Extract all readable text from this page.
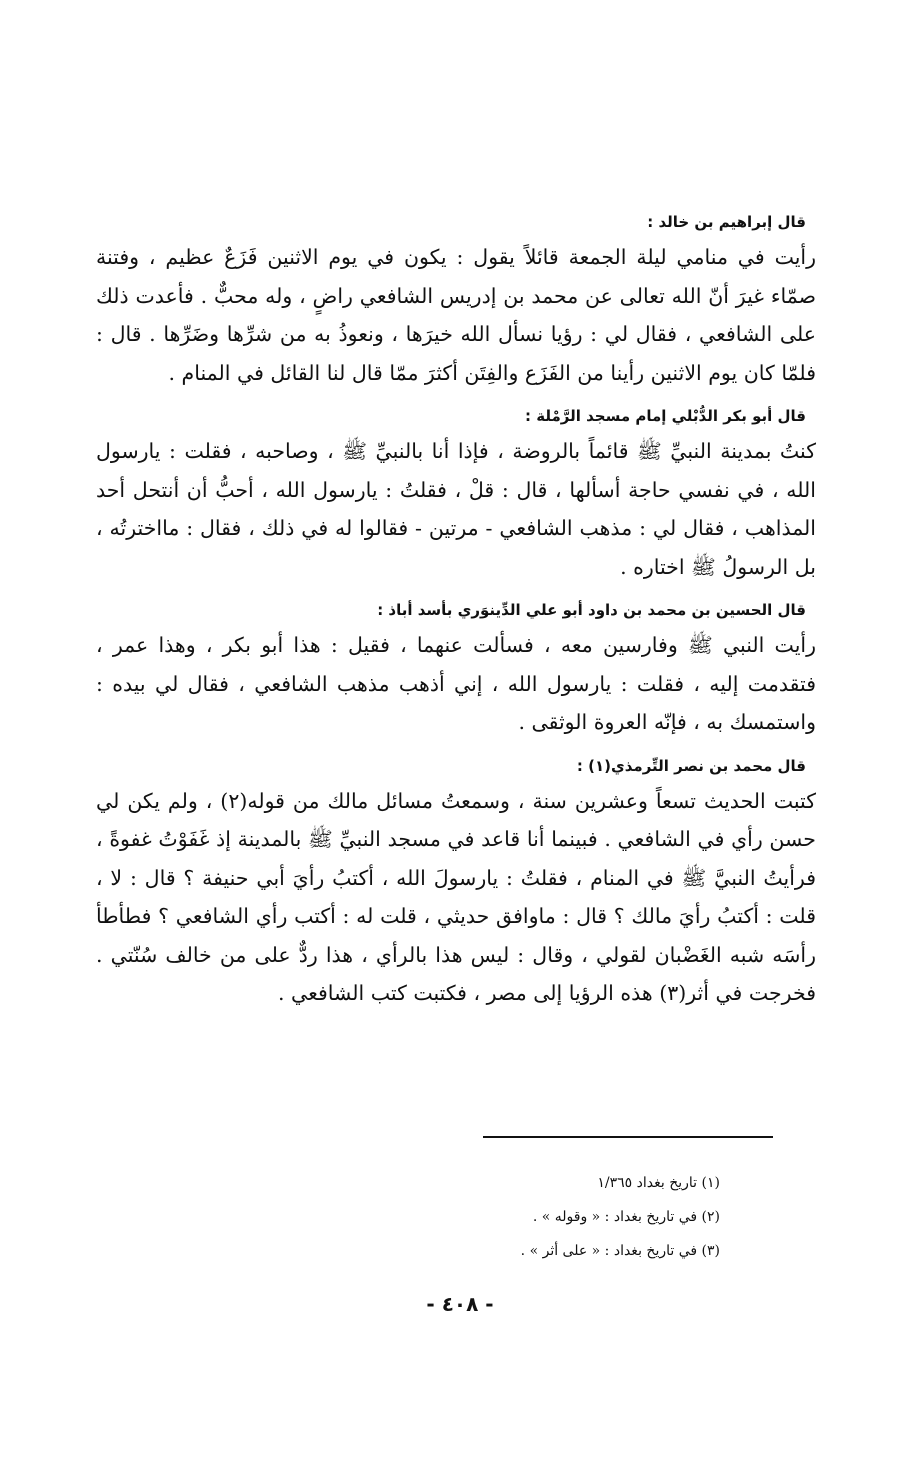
قال إبراهيم بن خالد :

رأيت في منامي ليلة الجمعة قائلاً يقول : يكون في يوم الاثنين فَزَعٌ عظيم ، وفتنة صمّاء غيرَ أنّ الله تعالى عن محمد بن إدريس الشافعي راضٍ ، وله محبٌّ . فأعدت ذلك على الشافعي ، فقال لي : رؤيا نسأل الله خيرَها ، ونعوذُ به من شرِّها وضَرِّها . قال : فلمّا كان يوم الاثنين رأينا من الفَزَع والفِتَن أكثرَ ممّا قال لنا القائل في المنام .

قال أبو بكر الدُّبْلي إمام مسجد الرَّمْلة :

كنتُ بمدينة النبيِّ ﷺ قائماً بالروضة ، فإذا أنا بالنبيِّ ﷺ ، وصاحبه ، فقلت : يارسول الله ، في نفسي حاجة أسألها ، قال : قلْ ، فقلتُ : يارسول الله ، أحبُّ أن أنتحل أحد المذاهب ، فقال لي : مذهب الشافعي - مرتين - فقالوا له في ذلك ، فقال : مااخترتُه ، بل الرسولُ ﷺ اختاره .

قال الحسين بن محمد بن داود أبو علي الدِّينوَري بأسد أباذ :

رأيت النبي ﷺ وفارسين معه ، فسألت عنهما ، فقيل : هذا أبو بكر ، وهذا عمر ، فتقدمت إليه ، فقلت : يارسول الله ، إني أذهب مذهب الشافعي ، فقال لي بيده : واستمسك به ، فإنّه العروة الوثقى .

قال محمد بن نصر التِّرمذي(١) :

كتبت الحديث تسعاً وعشرين سنة ، وسمعتُ مسائل مالك من قوله(٢) ، ولم يكن لي حسن رأي في الشافعي . فبينما أنا قاعد في مسجد النبيِّ ﷺ بالمدينة إذ غَفَوْتُ غفوةً ، فرأيتُ النبيَّ ﷺ في المنام ، فقلتُ : يارسولَ الله ، أكتبُ رأيَ أبي حنيفة ؟ قال : لا ، قلت : أكتبُ رأيَ مالك ؟ قال : ماوافق حديثي ، قلت له : أكتب رأي الشافعي ؟ فطأطأ رأسَه شبه الغَضْبان لقولي ، وقال : ليس هذا بالرأي ، هذا ردٌّ على من خالف سُنّتي . فخرجت في أثر(٣) هذه الرؤيا إلى مصر ، فكتبت كتب الشافعي .

(١) تاريخ بغداد ١/٣٦٥

(٢) في تاريخ بغداد : « وقوله » .

(٣) في تاريخ بغداد : « على أثر » .

- ٤٠٨ -
